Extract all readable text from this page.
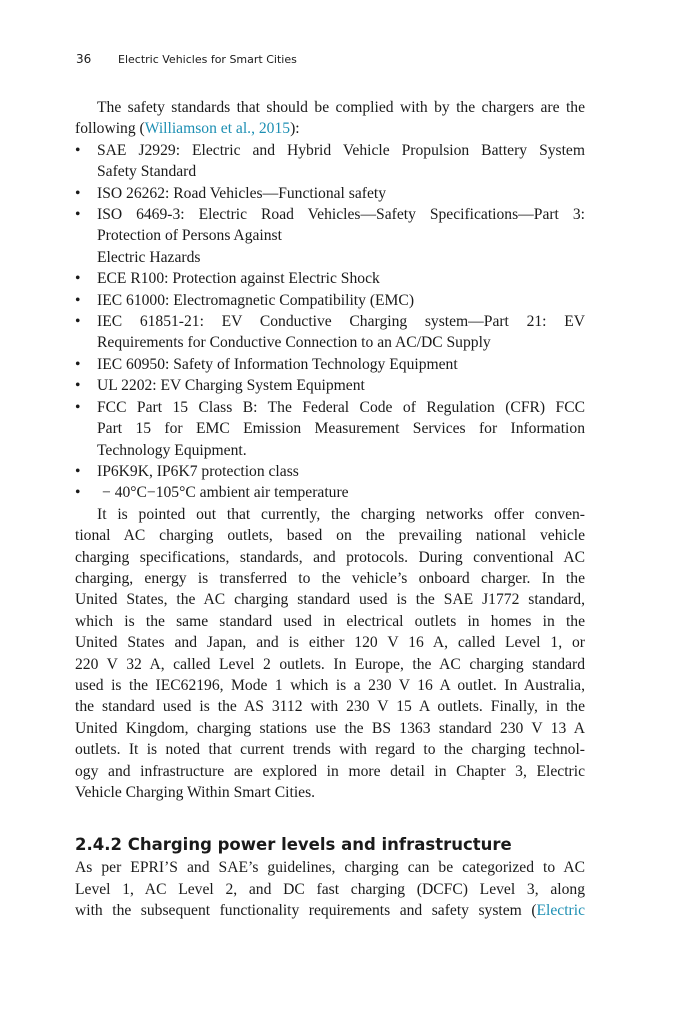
36 Electric Vehicles for Smart Cities

The safety standards that should be complied with by the chargers are the following (Williamson et al., 2015):

• SAE J2929: Electric and Hybrid Vehicle Propulsion Battery System
Safety Standard
• ISO 26262: Road Vehicles—Functional safety
• ISO 6469-3: Electric Road Vehicles—Safety Specifications—Part 3:
Protection of Persons Against
Electric Hazards
• ECE R100: Protection against Electric Shock
• IEC 61000: Electromagnetic Compatibility (EMC)
• IEC 61851-21: EV Conductive Charging system—Part 21: EV
Requirements for Conductive Connection to an AC/DC Supply
• IEC 60950: Safety of Information Technology Equipment
• UL 2202: EV Charging System Equipment
• FCC Part 15 Class B: The Federal Code of Regulation (CFR) FCC
Part 15 for EMC Emission Measurement Services for Information
Technology Equipment.
• IP6K9K, IP6K7 protection class
•	− 40°C−105°C ambient air temperature
It is pointed out that currently, the charging networks offer conven-
tional AC charging outlets, based on the prevailing national vehicle
charging specifications, standards, and protocols. During conventional AC
charging, energy is transferred to the vehicle’s onboard charger. In the
United States, the AC charging standard used is the SAE J1772 standard,
which is the same standard used in electrical outlets in homes in the
United States and Japan, and is either 120 V 16 A, called Level 1, or
220 V 32 A, called Level 2 outlets. In Europe, the AC charging standard
used is the IEC62196, Mode 1 which is a 230 V 16 A outlet. In Australia,
the standard used is the AS 3112 with 230 V 15 A outlets. Finally, in the
United Kingdom, charging stations use the BS 1363 standard 230 V 13 A
outlets. It is noted that current trends with regard to the charging technol-
ogy and infrastructure are explored in more detail in Chapter 3, Electric
Vehicle Charging Within Smart Cities.
2.4.2 Charging power levels and infrastructure
As per EPRI’S and SAE’s guidelines, charging can be categorized to AC
Level 1, AC Level 2, and DC fast charging (DCFC) Level 3, along
with the subsequent functionality requirements and safety system (Electric
